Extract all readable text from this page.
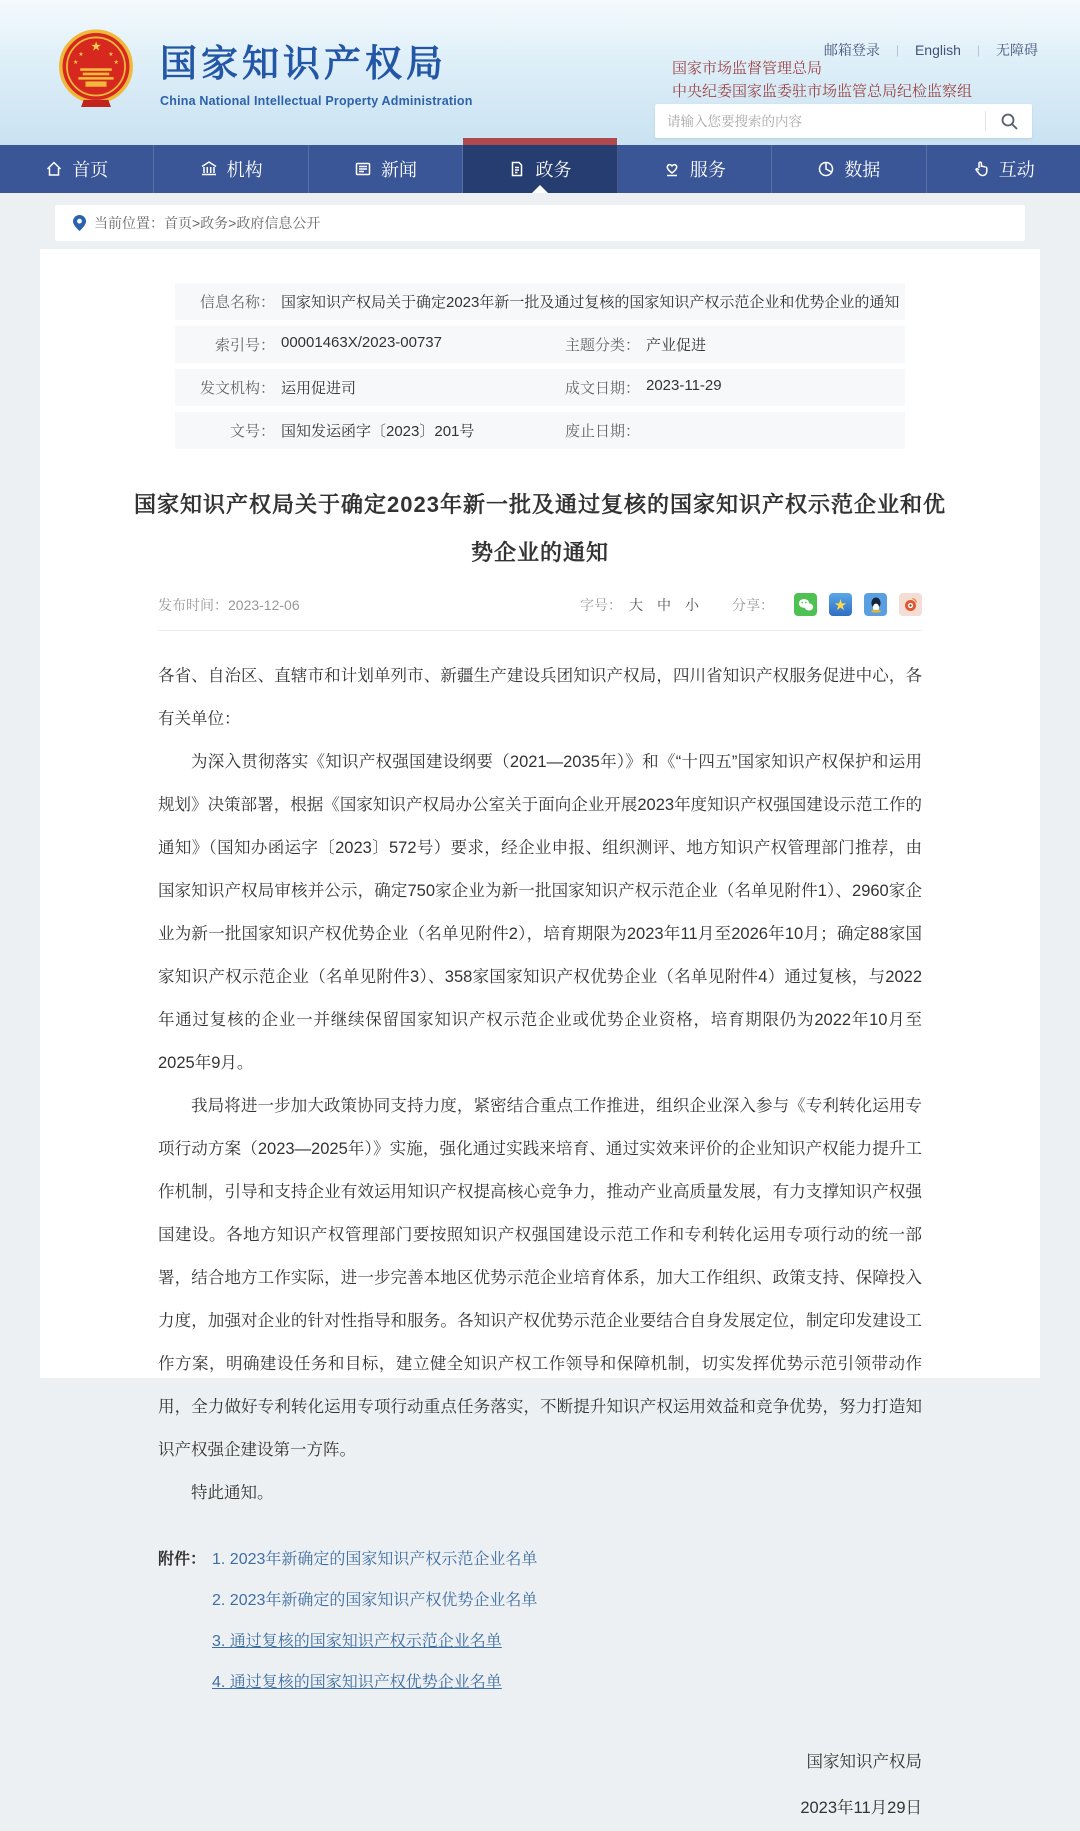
★
★	★
★	★ 国家知识产权局
China National Intellectual Property Administration
邮箱登录 | English | 无障碍
国家市场监督管理总局
中央纪委国家监委驻市场监管总局纪检监察组
请输入您要搜索的内容
首页	机构	新闻	政务	服务	数据	互动
当前位置： 首页>政务>政府信息公开
信息名称： 国家知识产权局关于确定2023年新一批及通过复核的国家知识产权示范企业和优势企业的通知
索引号： 00001463X/2023-00737	主题分类： 产业促进
发文机构： 运用促进司	成文日期： 2023-11-29
文号： 国知发运函字〔2023〕201号	废止日期：
国家知识产权局关于确定2023年新一批及通过复核的国家知识产权示范企业和优势企业的通知
发布时间：2023-12-06	字号： 大 中 小 分享：	★

各省、自治区、直辖市和计划单列市、新疆生产建设兵团知识产权局，四川省知识产权服务促进中心，各有关单位：

为深入贯彻落实《知识产权强国建设纲要（2021—2035年）》和《“十四五”国家知识产权保护和运用规划》决策部署，根据《国家知识产权局办公室关于面向企业开展2023年度知识产权强国建设示范工作的通知》（国知办函运字〔2023〕572号）要求，经企业申报、组织测评、地方知识产权管理部门推荐，由国家知识产权局审核并公示，确定750家企业为新一批国家知识产权示范企业（名单见附件1）、2960家企业为新一批国家知识产权优势企业（名单见附件2），培育期限为2023年11月至2026年10月；确定88家国家知识产权示范企业（名单见附件3）、358家国家知识产权优势企业（名单见附件4）通过复核，与2022年通过复核的企业一并继续保留国家知识产权示范企业或优势企业资格，培育期限仍为2022年10月至2025年9月。

我局将进一步加大政策协同支持力度，紧密结合重点工作推进，组织企业深入参与《专利转化运用专项行动方案（2023—2025年）》实施，强化通过实践来培育、通过实效来评价的企业知识产权能力提升工作机制，引导和支持企业有效运用知识产权提高核心竞争力，推动产业高质量发展，有力支撑知识产权强国建设。各地方知识产权管理部门要按照知识产权强国建设示范工作和专利转化运用专项行动的统一部署，结合地方工作实际，进一步完善本地区优势示范企业培育体系，加大工作组织、政策支持、保障投入力度，加强对企业的针对性指导和服务。各知识产权优势示范企业要结合自身发展定位，制定印发建设工作方案，明确建设任务和目标，建立健全知识产权工作领导和保障机制，切实发挥优势示范引领带动作用，全力做好专利转化运用专项行动重点任务落实，不断提升知识产权运用效益和竞争优势，努力打造知识产权强企建设第一方阵。

特此通知。

附件： 1. 2023年新确定的国家知识产权示范企业名单
2. 2023年新确定的国家知识产权优势企业名单
3. 通过复核的国家知识产权示范企业名单
4. 通过复核的国家知识产权优势企业名单
国家知识产权局
2023年11月29日
